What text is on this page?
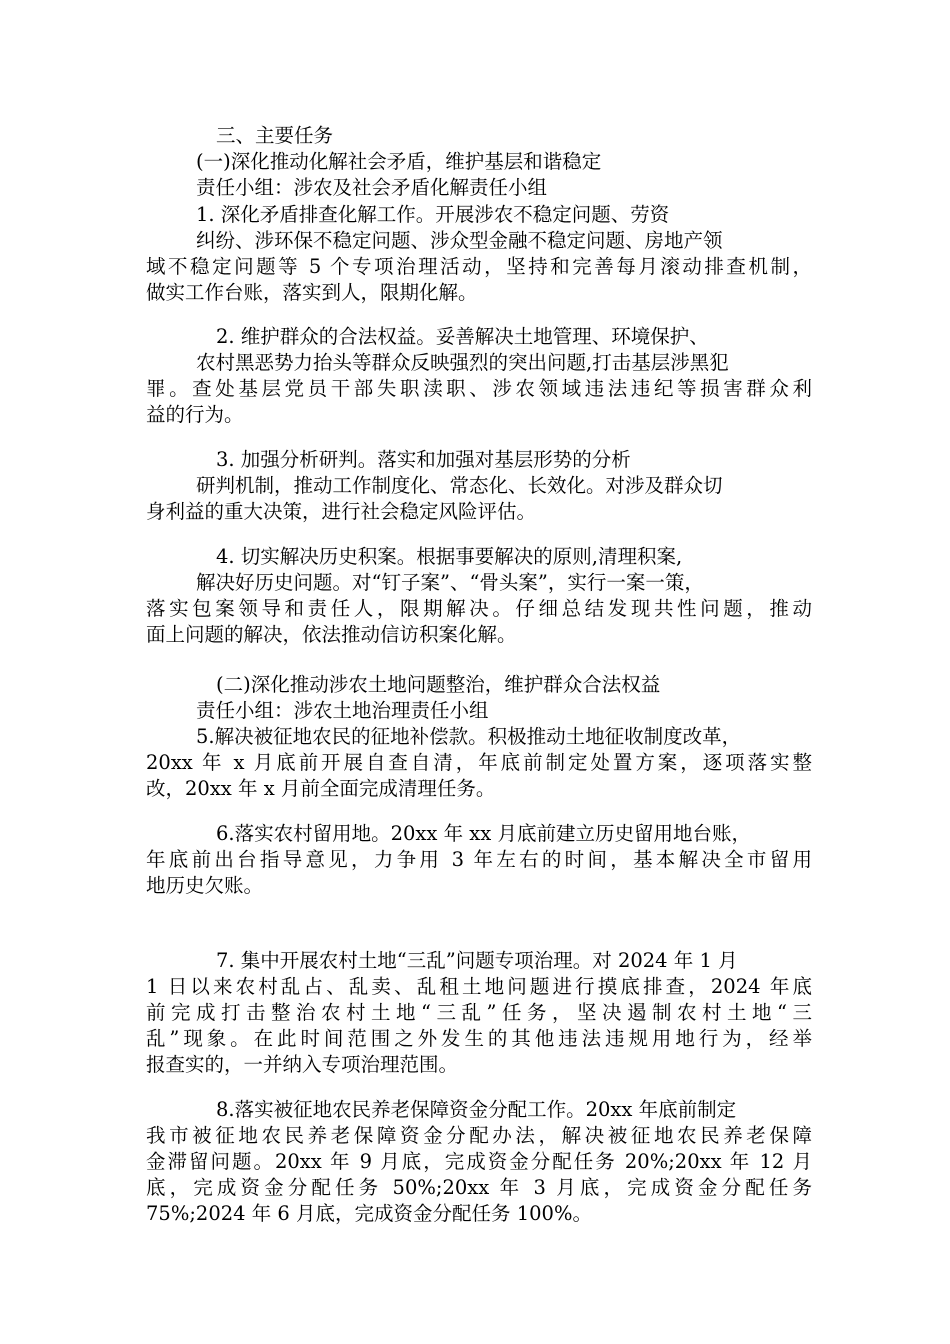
三、主要任务
(一)深化推动化解社会矛盾，维护基层和谐稳定
责任小组：涉农及社会矛盾化解责任小组
1. 深化矛盾排查化解工作。开展涉农不稳定问题、劳资
纠纷、涉环保不稳定问题、涉众型金融不稳定问题、房地产领
域不稳定问题等 5 个专项治理活动，坚持和完善每月滚动排查机制，
做实工作台账，落实到人，限期化解。
2. 维护群众的合法权益。妥善解决土地管理、环境保护、
农村黑恶势力抬头等群众反映强烈的突出问题,打击基层涉黑犯
罪。查处基层党员干部失职渎职、涉农领域违法违纪等损害群众利
益的行为。
3. 加强分析研判。落实和加强对基层形势的分析
研判机制，推动工作制度化、常态化、长效化。对涉及群众切
身利益的重大决策，进行社会稳定风险评估。
4. 切实解决历史积案。根据事要解决的原则,清理积案,
解决好历史问题。对“钉子案”、“骨头案”，实行一案一策，
落实包案领导和责任人，限期解决。仔细总结发现共性问题，推动
面上问题的解决，依法推动信访积案化解。
(二)深化推动涉农土地问题整治，维护群众合法权益
责任小组：涉农土地治理责任小组
5.解决被征地农民的征地补偿款。积极推动土地征收制度改革，
20xx 年 x 月底前开展自查自清，年底前制定处置方案，逐项落实整
改，20xx 年 x 月前全面完成清理任务。
6.落实农村留用地。20xx 年 xx 月底前建立历史留用地台账，
年底前出台指导意见，力争用 3 年左右的时间，基本解决全市留用
地历史欠账。
7. 集中开展农村土地“三乱”问题专项治理。对 2024 年 1 月
1 日以来农村乱占、乱卖、乱租土地问题进行摸底排查，2024 年底
前完成打击整治农村土地“三乱”任务，坚决遏制农村土地“三
乱”现象。在此时间范围之外发生的其他违法违规用地行为，经举
报查实的，一并纳入专项治理范围。
8.落实被征地农民养老保障资金分配工作。20xx 年底前制定
我市被征地农民养老保障资金分配办法，解决被征地农民养老保障
金滞留问题。20xx 年 9 月底，完成资金分配任务 20%;20xx 年 12 月
底，完成资金分配任务 50%;20xx 年 3 月底，完成资金分配任务
75%;2024 年 6 月底，完成资金分配任务 100%。
